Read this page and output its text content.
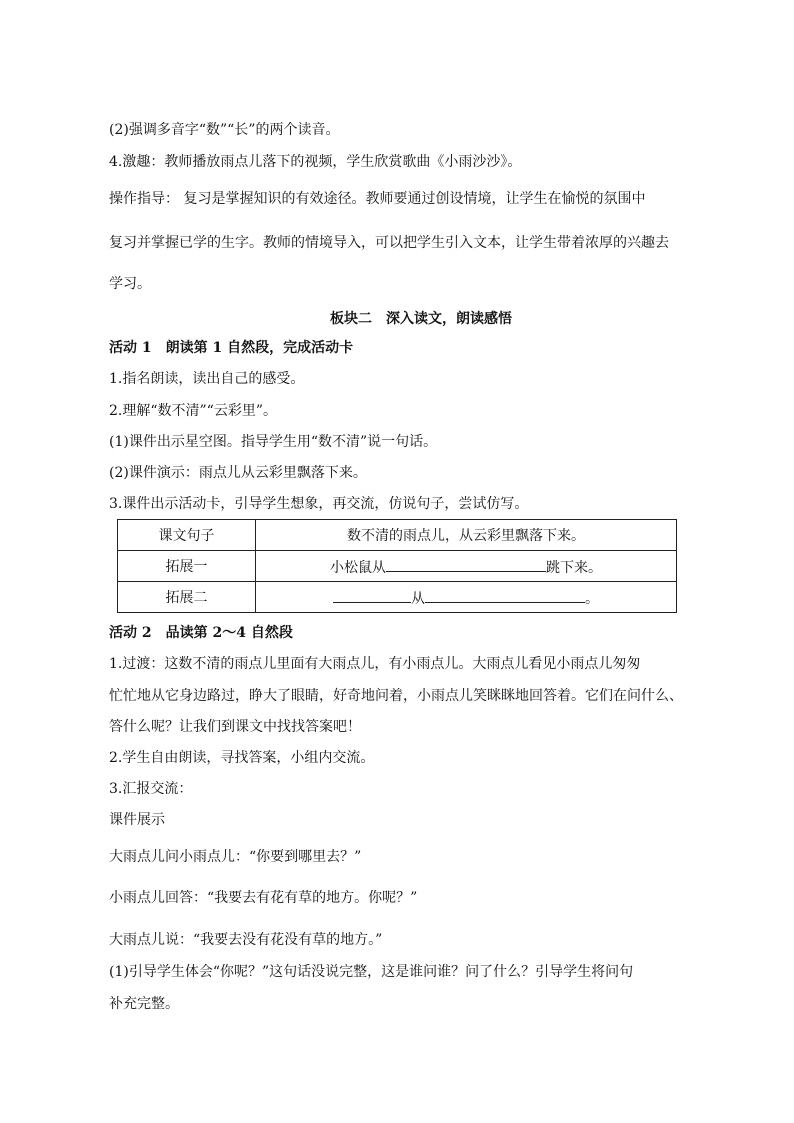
(2)强调多音字“数”“长”的两个读音。
4.激趣：教师播放雨点儿落下的视频，学生欣赏歌曲《小雨沙沙》。
操作指导： 复习是掌握知识的有效途径。教师要通过创设情境，让学生在愉悦的氛围中
复习并掌握已学的生字。教师的情境导入，可以把学生引入文本，让学生带着浓厚的兴趣去
学习。
板块二　深入读文，朗读感悟
活动 1　朗读第 1 自然段，完成活动卡
1.指名朗读，读出自己的感受。
2.理解“数不清”“云彩里”。
(1)课件出示星空图。指导学生用“数不清”说一句话。
(2)课件演示：雨点儿从云彩里飘落下来。
3.课件出示活动卡，引导学生想象，再交流，仿说句子，尝试仿写。
课文句子	数不清的雨点儿，从云彩里飘落下来。
拓展一	小松鼠从 跳下来。
拓展二	从 。
活动 2　品读第 2～4 自然段
1.过渡：这数不清的雨点儿里面有大雨点儿，有小雨点儿。大雨点儿看见小雨点儿匆匆
忙忙地从它身边路过，睁大了眼睛，好奇地问着，小雨点儿笑眯眯地回答着。它们在问什么、
答什么呢？让我们到课文中找找答案吧！
2.学生自由朗读，寻找答案，小组内交流。
3.汇报交流：
课件展示
大雨点儿问小雨点儿：“你要到哪里去？”
小雨点儿回答：“我要去有花有草的地方。你呢？”
大雨点儿说：“我要去没有花没有草的地方。”
(1)引导学生体会“你呢？”这句话没说完整，这是谁问谁？问了什么？引导学生将问句
补充完整。
